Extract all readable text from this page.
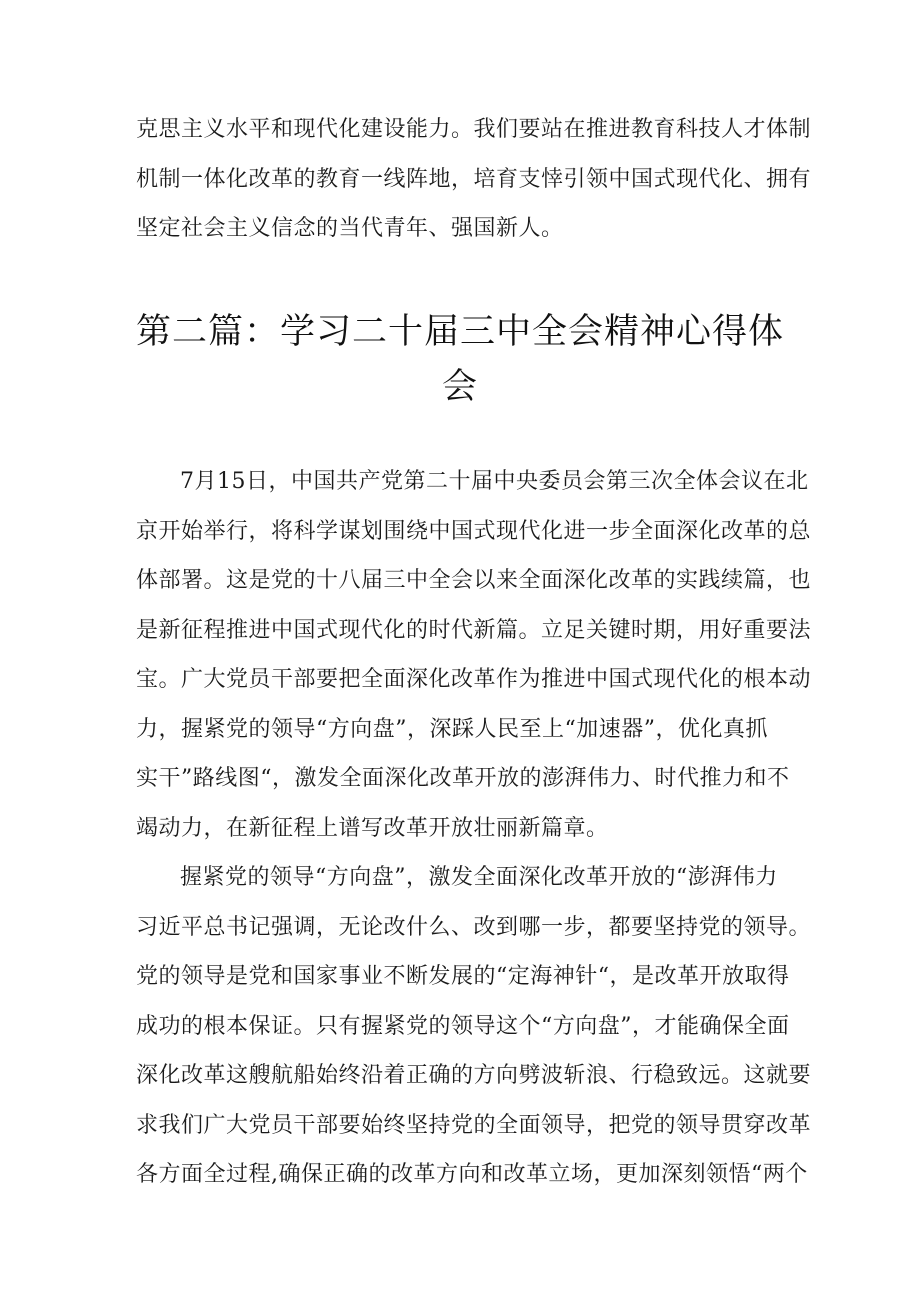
克思主义水平和现代化建设能力。我们要站在推进教育科技人才体制
机制一体化改革的教育一线阵地，培育支悻引领中国式现代化、拥有
坚定社会主义信念的当代青年、强国新人。
第二篇：学习二十届三中全会精神心得体
会
7月15日，中国共产党第二十届中央委员会第三次全体会议在北
京开始举行，将科学谋划围绕中国式现代化进一步全面深化改革的总
体部署。这是党的十八届三中全会以来全面深化改革的实践续篇，也
是新征程推进中国式现代化的时代新篇。立足关键时期，用好重要法
宝。广大党员干部要把全面深化改革作为推进中国式现代化的根本动
力，握紧党的领导“方向盘”，深踩人民至上“加速器”，优化真抓
实干”路线图“，激发全面深化改革开放的澎湃伟力、时代推力和不
竭动力，在新征程上谱写改革开放壮丽新篇章。
握紧党的领导“方向盘”，激发全面深化改革开放的“澎湃伟力
习近平总书记强调，无论改什么、改到哪一步，都要坚持党的领导。
党的领导是党和国家事业不断发展的“定海神针“，是改革开放取得
成功的根本保证。只有握紧党的领导这个“方向盘”，才能确保全面
深化改革这艘航船始终沿着正确的方向劈波斩浪、行稳致远。这就要
求我们广大党员干部要始终坚持党的全面领导，把党的领导贯穿改革
各方面全过程,确保正确的改革方向和改革立场，更加深刻领悟“两个
